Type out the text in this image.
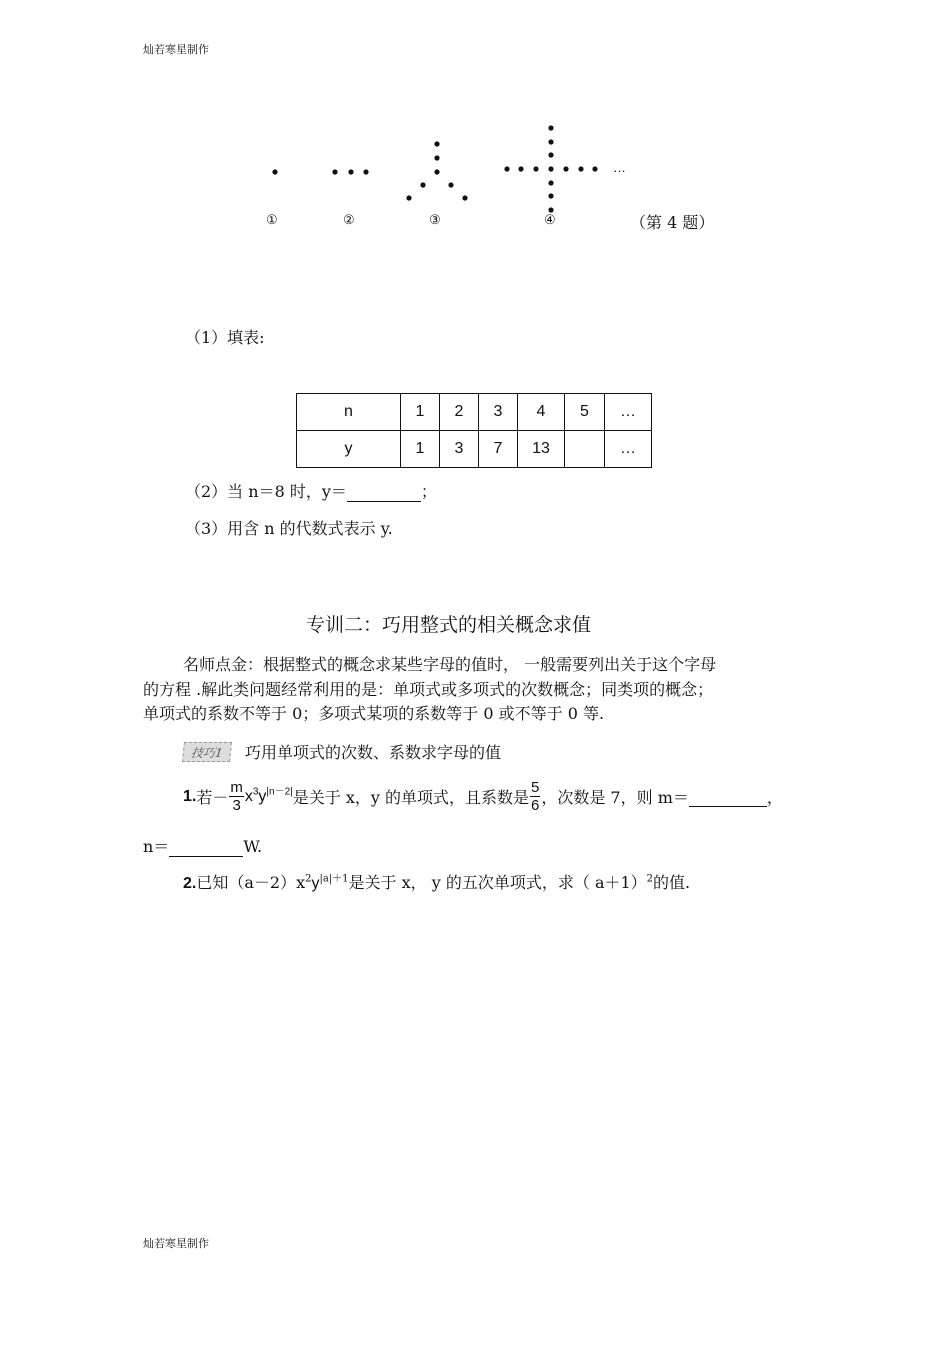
灿若寒星制作
…
①	②	③	④	（第 4 题）
（1）填表:
n	1	2	3	4	5	…
y	1	3	7	13		…
（2）当 n＝8 时，y＝	；
（3）用含 n 的代数式表示 y.
专训二：巧用整式的相关概念求值
名师点金：根据整式的概念求某些字母的值时， 一般需要列出关于这个字母
的方程 .解此类问题经常利用的是：单项式或多项式的次数概念；同类项的概念；
单项式的系数不等于 0；多项式某项的系数等于 0 或不等于 0 等.
技巧1	巧用单项式的次数、系数求字母的值
1. 若－ $\frac{m}{3} x^3$ $y^{|n-2|}$ 是关于 x，y 的单项式，且系数是 $\frac{5}{6}$ ，次数是 7，则 m＝
	，
n＝	W.
2.已知$(a-2)x^2y^{|a|+1}$是关于 x， y 的五次单项式，求（ a＋1）$^2$的值.
灿若寒星制作
